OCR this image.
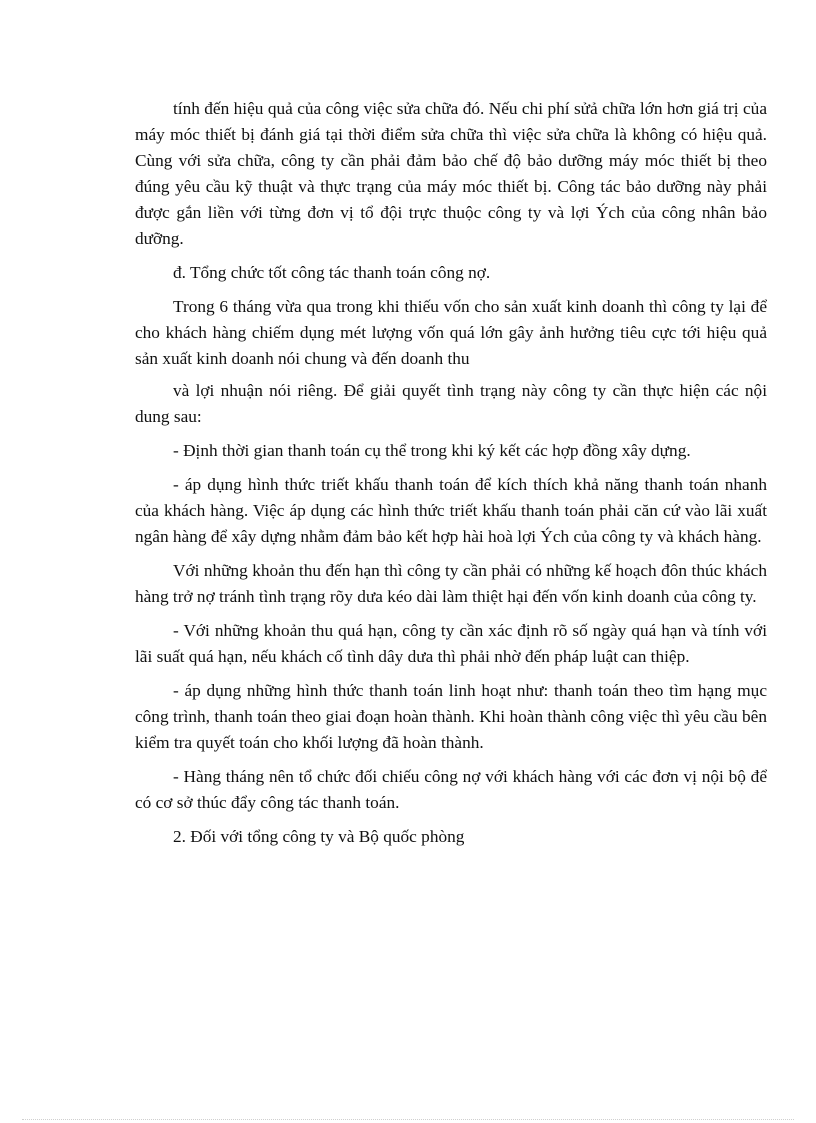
tính đến hiệu quả của công việc sửa chữa đó. Nếu chi phí sửả chữa lớn hơn giá trị của máy móc thiết bị đánh giá tại thời điểm sửa chữa thì việc sửa chữa là không có hiệu quả. Cùng với sửa chữa, công ty cần phải đảm bảo chế độ bảo dưỡng máy móc thiết bị theo đúng yêu cầu kỹ thuật và thực trạng của máy móc thiết bị. Công tác bảo dưỡng này phải được gắn liền với từng đơn vị tổ đội trực thuộc công ty và lợi Ých của công nhân bảo dưỡng.

đ. Tổng chức tốt công tác thanh toán công nợ.

Trong 6 tháng vừa qua trong khi thiếu vốn cho sản xuất kinh doanh thì công ty lại để cho khách hàng chiếm dụng mét lượng vốn quá lớn gây ảnh hưởng tiêu cực tới hiệu quả sản xuất kinh doanh nói chung và đến doanh thu

và lợi nhuận nói riêng. Để giải quyết tình trạng này công ty cần thực hiện các nội dung sau:

- Định thời gian thanh toán cụ thể trong khi ký kết các hợp đồng xây dựng.

- áp dụng hình thức triết khấu thanh toán để kích thích khả năng thanh toán nhanh của khách hàng. Việc áp dụng các hình thức triết khấu thanh toán phải căn cứ vào lãi xuất ngân hàng để xây dựng nhằm đảm bảo kết hợp hài hoà lợi Ých của công ty và khách hàng.

Với những khoản thu đến hạn thì công ty cần phải có những kế hoạch đôn thúc khách hàng trở nợ tránh tình trạng rõy dưa kéo dài làm thiệt hại đến vốn kinh doanh của công ty.

- Với những khoản thu quá hạn, công ty cần xác định rõ số ngày quá hạn và tính với lãi suất quá hạn, nếu khách cố tình dây dưa thì phải nhờ đến pháp luật can thiệp.

- áp dụng những hình thức thanh toán linh hoạt như: thanh toán theo tìm hạng mục công trình, thanh toán theo giai đoạn hoàn thành. Khi hoàn thành công việc thì yêu cầu bên kiểm tra quyết toán cho khối lượng đã hoàn thành.

- Hàng tháng nên tổ chức đối chiếu công nợ với khách hàng với các đơn vị nội bộ để có cơ sở thúc đẩy công tác thanh toán.

2. Đối với tổng công ty và Bộ quốc phòng
